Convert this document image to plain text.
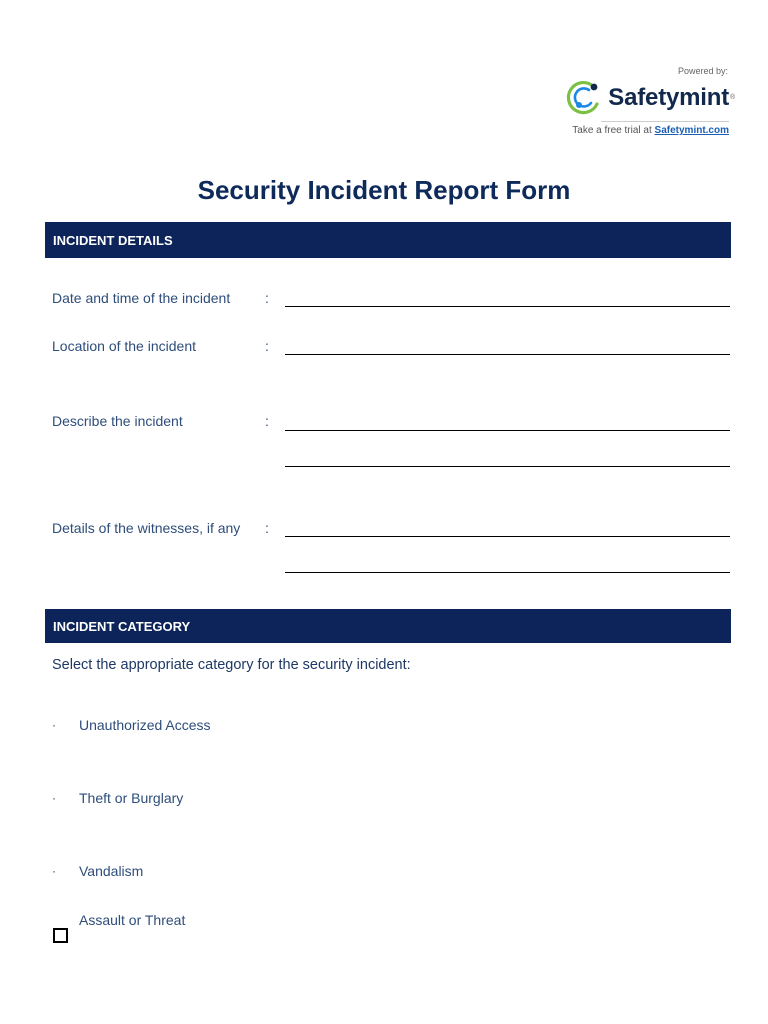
Powered by:
Safetymint ®
Take a free trial at Safetymint.com
Security Incident Report Form
INCIDENT DETAILS
Date and time of the incident :
Location of the incident	:
Describe the incident	:
Details of the witnesses, if any :
INCIDENT CATEGORY
Select the appropriate category for the security incident:
· Unauthorized Access
· Theft or Burglary
· Vandalism
Assault or Threat
